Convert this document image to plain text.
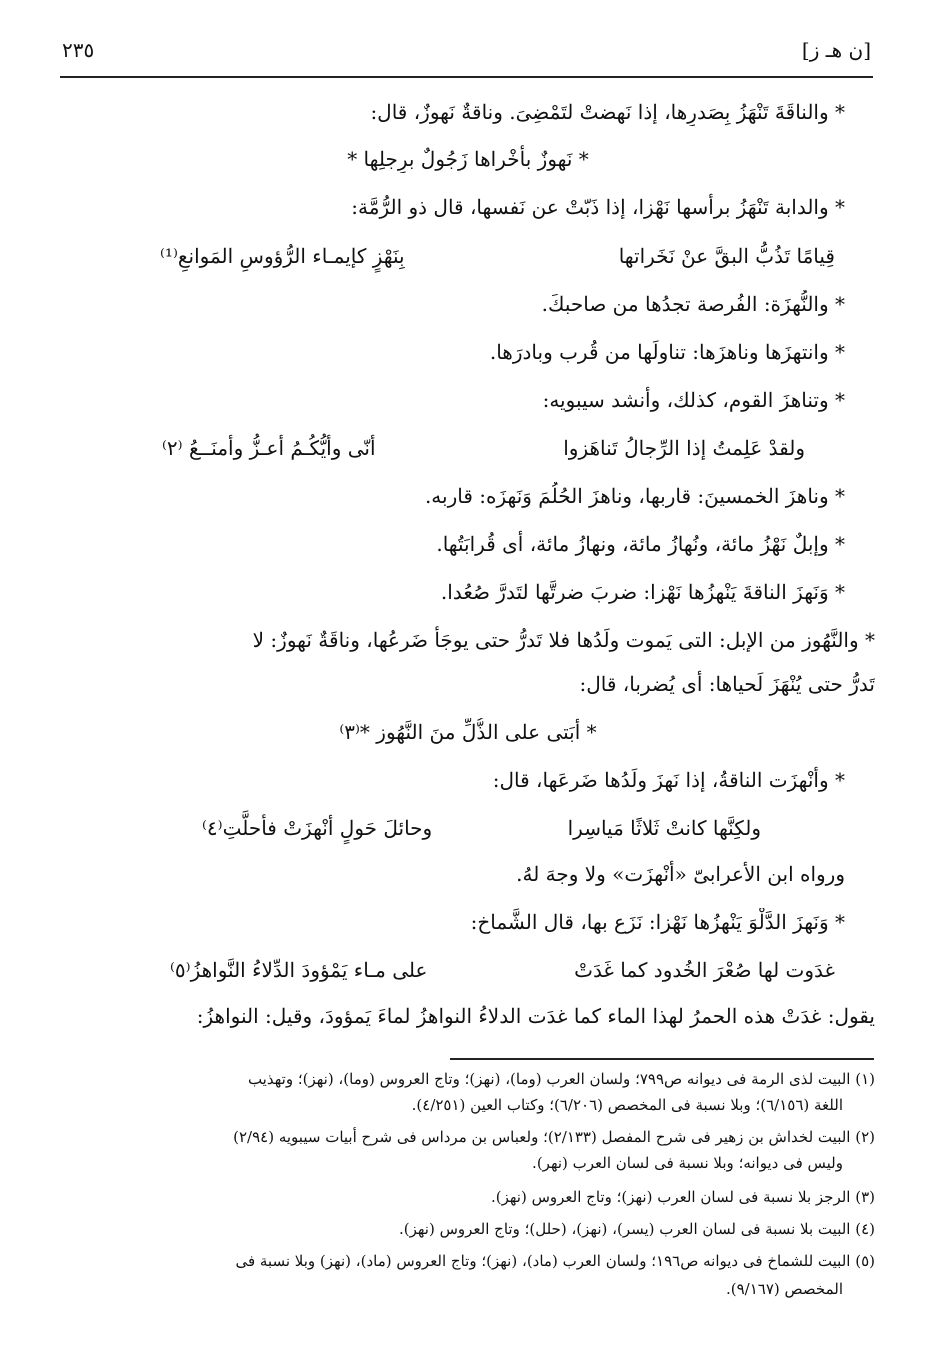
٢٣٥	[ن هـ ز]
* والناقَةَ تَنْهَزُ بِصَدرِها، إذا نَهضتْ لتَمْضِىَ. وناقةٌ نَهوزٌ، قال:
* نَهوزٌ بأخْراها زَجُولٌ برِجلِها *
* والدابة تَنْهَزُ برأسها نَهْزا، إذا ذَبّتْ عن نَفسها، قال ذو الرُّمَّة:
قِيامًا تَذُبُّ البقَّ عنْ نَخَراتها
بِنَهْزٍ كإيمـاء الرُّؤوسِ المَوانعِ⁽¹⁾
* والنُّهزَة: الفُرصة تجدُها من صاحبكَ.
* وانتهزَها وناهزَها: تناولَها من قُرب وبادرَها.
* وتناهزَ القوم، كذلك، وأنشد سيبويه:
ولقدْ عَلِمتُ إذا الرِّجالُ تَناهَزوا
أنّى وأيُّكُـمُ أعـزُّ وأمنَــعُ ⁽٢⁾
* وناهزَ الخمسينَ: قاربها، وناهزَ الحُلُمَ وَنَهزَه: قاربه.
* وإبلٌ نَهْزُ مائة، ونُهازُ مائة، ونهازُ مائة، أى قُرابَتُها.
* وَنَهزَ الناقةَ يَنْهزُها نَهْزا: ضربَ ضرتَّها لتَدرَّ صُعُدا.
* والنَّهُوز من الإبل: التى يَموت ولَدُها فلا تَدرُّ حتى يوجَأ ضَرعُها، وناقَةٌ نَهوزٌ: لا
تَدرُّ حتى يُنْهَزَ لَحياها: أى يُضربا، قال:
* أبَتى على الذُّلِّ منَ النَّهُوز *⁽٣⁾
* وأنْهزَت الناقةُ، إذا نَهزَ ولَدُها ضَرعَها، قال:
ولكِنَّها كانتْ ثَلاثًا مَياسِرا
وحائلَ حَولٍ أنْهزَتْ فأحلَّتِ⁽٤⁾
ورواه ابن الأعرابىّ «أنْهزَت» ولا وجهَ لهُ.
* وَنَهزَ الدَّلْوَ يَنْهزُها نَهْزا: نَزَع بها، قال الشَّماخ:
غدَوت لها صُعْرَ الخُدود كما غَدَتْ
على مـاء يَمْؤودَ الدِّلاءُ النَّواهزُ⁽٥⁾
يقول: غدَتْ هذه الحمرُ لهذا الماء كما غدَت الدلاءُ النواهزُ لماءَ يَمؤودَ، وقيل: النواهزُ:
(١) البيت لذى الرمة فى ديوانه ص٧٩٩؛ ولسان العرب (وما)، (نهز)؛ وتاج العروس (وما)، (نهز)؛ وتهذيب
اللغة (٦/١٥٦)؛ وبلا نسبة فى المخصص (٦/٢٠٦)؛ وكتاب العين (٤/٢٥١).
(٢) البيت لخداش بن زهير فى شرح المفصل (٢/١٣٣)؛ ولعباس بن مرداس فى شرح أبيات سيبويه (٢/٩٤)
وليس فى ديوانه؛ وبلا نسبة فى لسان العرب (نهر).
(٣) الرجز بلا نسبة فى لسان العرب (نهز)؛ وتاج العروس (نهز).
(٤) البيت بلا نسبة فى لسان العرب (يسر)، (نهز)، (حلل)؛ وتاج العروس (نهز).
(٥) البيت للشماخ فى ديوانه ص١٩٦؛ ولسان العرب (ماد)، (نهز)؛ وتاج العروس (ماد)، (نهز) وبلا نسبة فى
المخصص (٩/١٦٧).
